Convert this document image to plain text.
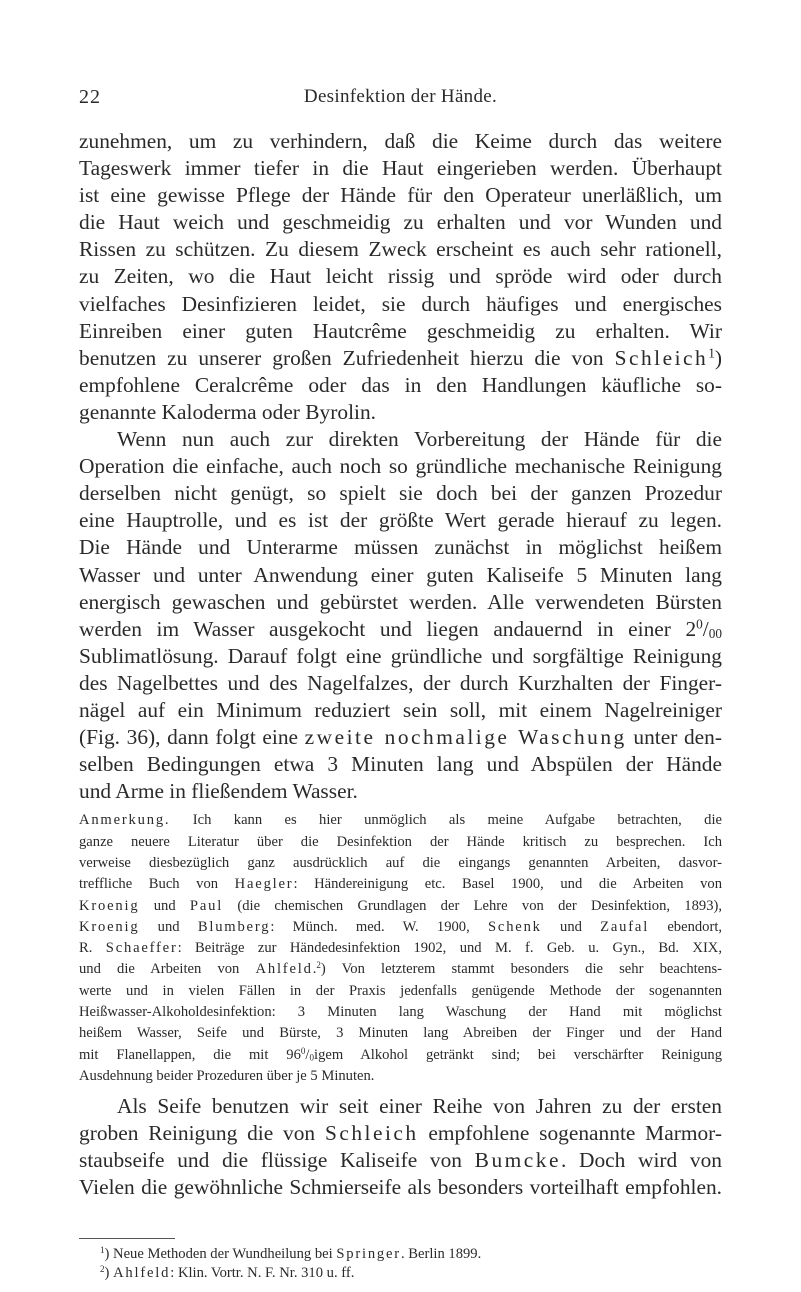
22	Desinfektion der Hände.

zunehmen, um zu verhindern, daß die Keime durch das weitere
Tageswerk immer tiefer in die Haut eingerieben werden. Überhaupt
ist eine gewisse Pflege der Hände für den Operateur unerläßlich, um
die Haut weich und geschmeidig zu erhalten und vor Wunden und
Rissen zu schützen. Zu diesem Zweck erscheint es auch sehr rationell,
zu Zeiten, wo die Haut leicht rissig und spröde wird oder durch
vielfaches Desinfizieren leidet, sie durch häufiges und energisches
Einreiben einer guten Hautcrême geschmeidig zu erhalten. Wir
benutzen zu unserer großen Zufriedenheit hierzu die von Schleich$^1$)
empfohlene Ceralcrême oder das in den Handlungen käufliche so-
genannte Kaloderma oder Byrolin.

Wenn nun auch zur direkten Vorbereitung der Hände für die
Operation die einfache, auch noch so gründliche mechanische Reinigung
derselben nicht genügt, so spielt sie doch bei der ganzen Prozedur
eine Hauptrolle, und es ist der größte Wert gerade hierauf zu legen.
Die Hände und Unterarme müssen zunächst in möglichst heißem
Wasser und unter Anwendung einer guten Kaliseife 5 Minuten lang
energisch gewaschen und gebürstet werden. Alle verwendeten Bürsten
werden im Wasser ausgekocht und liegen andauernd in einer $2^0/_{00}$
Sublimatlösung. Darauf folgt eine gründliche und sorgfältige Reinigung
des Nagelbettes und des Nagelfalzes, der durch Kurzhalten der Finger-
nägel auf ein Minimum reduziert sein soll, mit einem Nagelreiniger
(Fig. 36), dann folgt eine zweite nochmalige Waschung unter den-
selben Bedingungen etwa 3 Minuten lang und Abspülen der Hände
und Arme in fließendem Wasser.

Anmerkung. Ich kann es hier unmöglich als meine Aufgabe betrachten, die
ganze neuere Literatur über die Desinfektion der Hände kritisch zu besprechen. Ich
verweise diesbezüglich ganz ausdrücklich auf die eingangs genannten Arbeiten, dasvor-
treffliche Buch von Haegler: Händereinigung etc. Basel 1900, und die Arbeiten von
Kroenig und Paul (die chemischen Grundlagen der Lehre von der Desinfektion, 1893),
Kroenig und Blumberg: Münch. med. W. 1900, Schenk und Zaufal ebendort,
R. Schaeffer: Beiträge zur Händedesinfektion 1902, und M. f. Geb. u. Gyn., Bd. XIX,
und die Arbeiten von Ahlfeld.$^2$) Von letzterem stammt besonders die sehr beachtens-
werte und in vielen Fällen in der Praxis jedenfalls genügende Methode der sogenannten
Heißwasser-Alkoholdesinfektion: 3 Minuten lang Waschung der Hand mit möglichst
heißem Wasser, Seife und Bürste, 3 Minuten lang Abreiben der Finger und der Hand
mit Flanellappen, die mit $96^0/_0igem$ Alkohol getränkt sind; bei verschärfter Reinigung
Ausdehnung beider Prozeduren über je 5 Minuten.

Als Seife benutzen wir seit einer Reihe von Jahren zu der ersten
groben Reinigung die von Schleich empfohlene sogenannte Marmor-
staubseife und die flüssige Kaliseife von Bumcke. Doch wird von
Vielen die gewöhnliche Schmierseife als besonders vorteilhaft empfohlen.

$^1$) Neue Methoden der Wundheilung bei Springer. Berlin 1899.
$^2$) Ahlfeld: Klin. Vortr. N. F. Nr. 310 u. ff.
